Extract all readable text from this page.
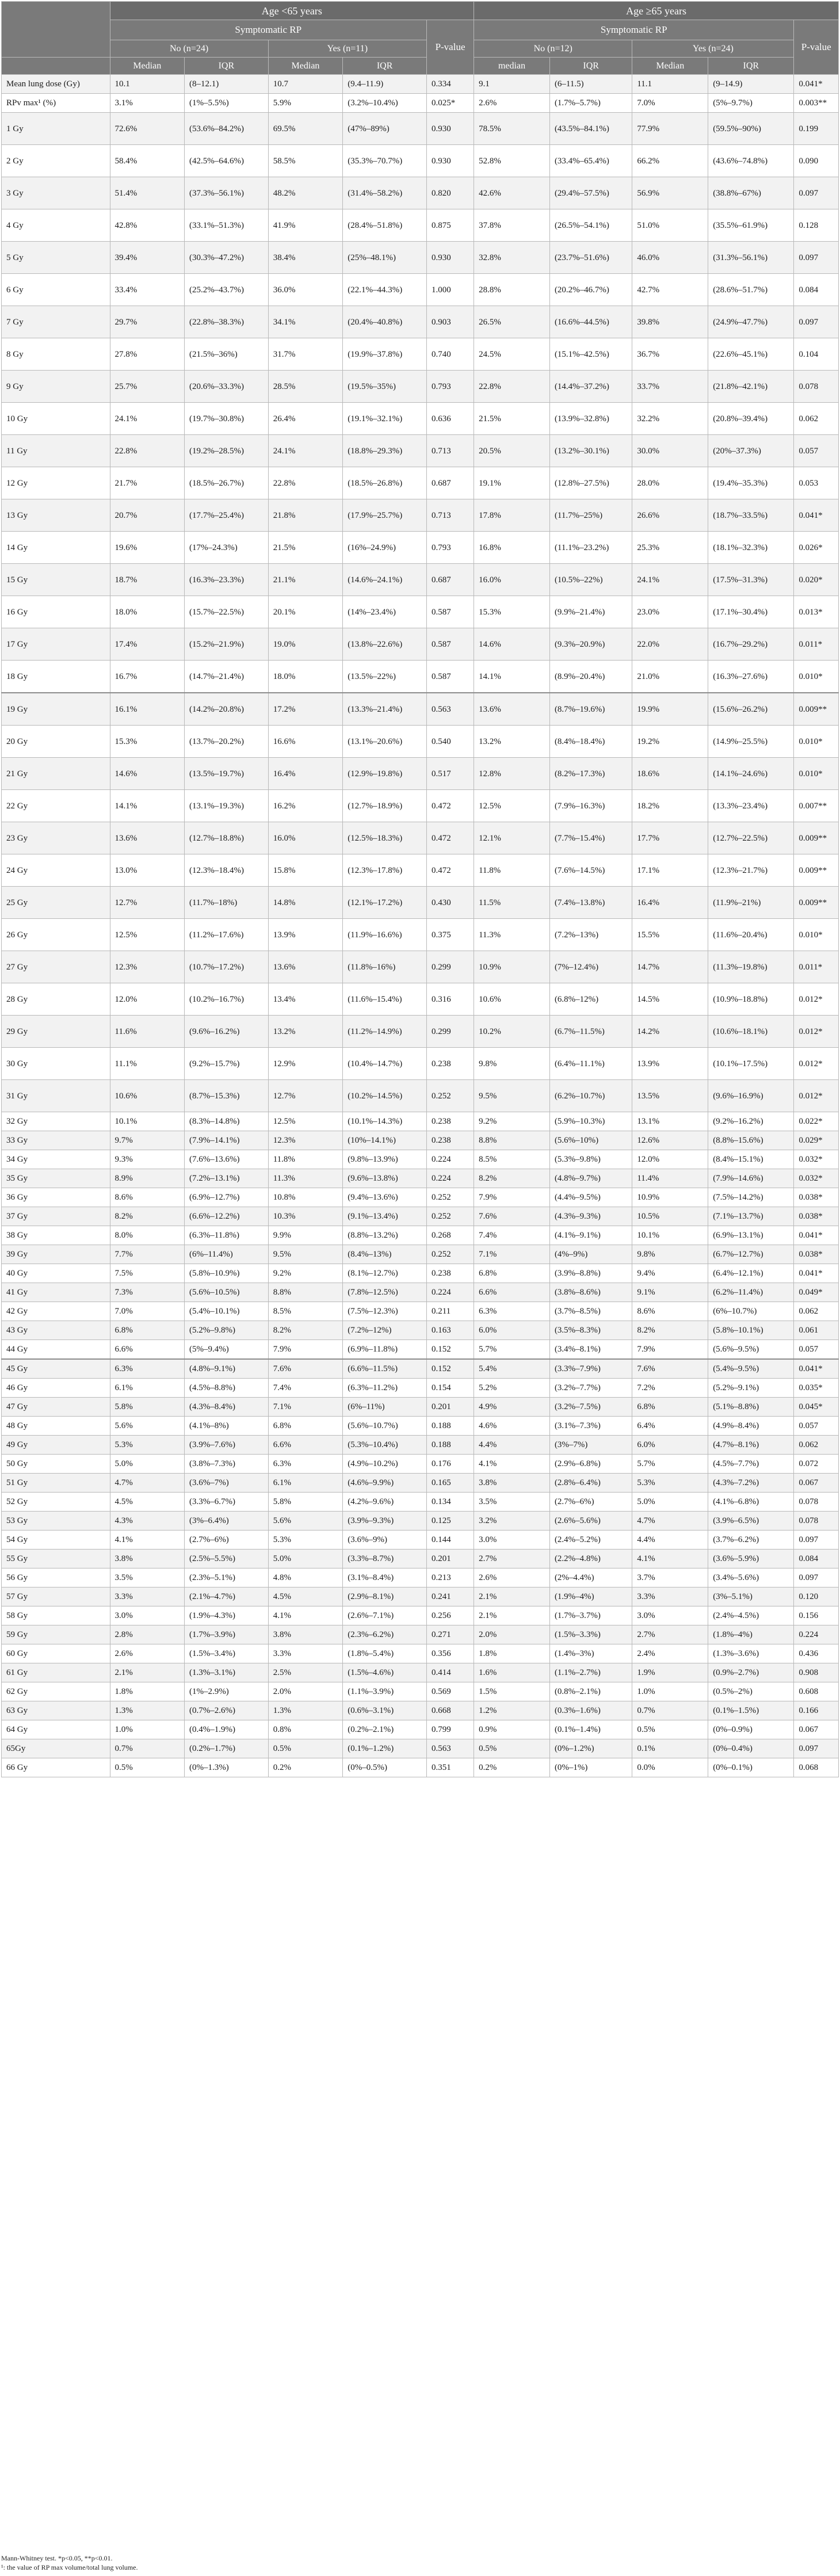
	Age <65 years					Age ≥65 years				
	Symptomatic RP				P-value	Symptomatic RP				P-value
	No (n=24)		Yes (n=11)			No (n=12)		Yes (n=24)		
	Median	IQR	Median	IQR		median	IQR	Median	IQR	
Mean lung dose (Gy)	10.1	(8–12.1)	10.7	(9.4–11.9)	0.334	9.1	(6–11.5)	11.1	(9–14.9)	0.041*
RPv max¹ (%)	3.1%	(1%–5.5%)	5.9%	(3.2%–10.4%)	0.025*	2.6%	(1.7%–5.7%)	7.0%	(5%–9.7%)	0.003**
1 Gy	72.6%	(53.6%–84.2%)	69.5%	(47%–89%)	0.930	78.5%	(43.5%–84.1%)	77.9%	(59.5%–90%)	0.199
2 Gy	58.4%	(42.5%–64.6%)	58.5%	(35.3%–70.7%)	0.930	52.8%	(33.4%–65.4%)	66.2%	(43.6%–74.8%)	0.090
3 Gy	51.4%	(37.3%–56.1%)	48.2%	(31.4%–58.2%)	0.820	42.6%	(29.4%–57.5%)	56.9%	(38.8%–67%)	0.097
4 Gy	42.8%	(33.1%–51.3%)	41.9%	(28.4%–51.8%)	0.875	37.8%	(26.5%–54.1%)	51.0%	(35.5%–61.9%)	0.128
5 Gy	39.4%	(30.3%–47.2%)	38.4%	(25%–48.1%)	0.930	32.8%	(23.7%–51.6%)	46.0%	(31.3%–56.1%)	0.097
6 Gy	33.4%	(25.2%–43.7%)	36.0%	(22.1%–44.3%)	1.000	28.8%	(20.2%–46.7%)	42.7%	(28.6%–51.7%)	0.084
7 Gy	29.7%	(22.8%–38.3%)	34.1%	(20.4%–40.8%)	0.903	26.5%	(16.6%–44.5%)	39.8%	(24.9%–47.7%)	0.097
8 Gy	27.8%	(21.5%–36%)	31.7%	(19.9%–37.8%)	0.740	24.5%	(15.1%–42.5%)	36.7%	(22.6%–45.1%)	0.104
9 Gy	25.7%	(20.6%–33.3%)	28.5%	(19.5%–35%)	0.793	22.8%	(14.4%–37.2%)	33.7%	(21.8%–42.1%)	0.078
10 Gy	24.1%	(19.7%–30.8%)	26.4%	(19.1%–32.1%)	0.636	21.5%	(13.9%–32.8%)	32.2%	(20.8%–39.4%)	0.062
11 Gy	22.8%	(19.2%–28.5%)	24.1%	(18.8%–29.3%)	0.713	20.5%	(13.2%–30.1%)	30.0%	(20%–37.3%)	0.057
12 Gy	21.7%	(18.5%–26.7%)	22.8%	(18.5%–26.8%)	0.687	19.1%	(12.8%–27.5%)	28.0%	(19.4%–35.3%)	0.053
13 Gy	20.7%	(17.7%–25.4%)	21.8%	(17.9%–25.7%)	0.713	17.8%	(11.7%–25%)	26.6%	(18.7%–33.5%)	0.041*
14 Gy	19.6%	(17%–24.3%)	21.5%	(16%–24.9%)	0.793	16.8%	(11.1%–23.2%)	25.3%	(18.1%–32.3%)	0.026*
15 Gy	18.7%	(16.3%–23.3%)	21.1%	(14.6%–24.1%)	0.687	16.0%	(10.5%–22%)	24.1%	(17.5%–31.3%)	0.020*
16 Gy	18.0%	(15.7%–22.5%)	20.1%	(14%–23.4%)	0.587	15.3%	(9.9%–21.4%)	23.0%	(17.1%–30.4%)	0.013*
17 Gy	17.4%	(15.2%–21.9%)	19.0%	(13.8%–22.6%)	0.587	14.6%	(9.3%–20.9%)	22.0%	(16.7%–29.2%)	0.011*
18 Gy	16.7%	(14.7%–21.4%)	18.0%	(13.5%–22%)	0.587	14.1%	(8.9%–20.4%)	21.0%	(16.3%–27.6%)	0.010*
19 Gy	16.1%	(14.2%–20.8%)	17.2%	(13.3%–21.4%)	0.563	13.6%	(8.7%–19.6%)	19.9%	(15.6%–26.2%)	0.009**
20 Gy	15.3%	(13.7%–20.2%)	16.6%	(13.1%–20.6%)	0.540	13.2%	(8.4%–18.4%)	19.2%	(14.9%–25.5%)	0.010*
21 Gy	14.6%	(13.5%–19.7%)	16.4%	(12.9%–19.8%)	0.517	12.8%	(8.2%–17.3%)	18.6%	(14.1%–24.6%)	0.010*
22 Gy	14.1%	(13.1%–19.3%)	16.2%	(12.7%–18.9%)	0.472	12.5%	(7.9%–16.3%)	18.2%	(13.3%–23.4%)	0.007**
23 Gy	13.6%	(12.7%–18.8%)	16.0%	(12.5%–18.3%)	0.472	12.1%	(7.7%–15.4%)	17.7%	(12.7%–22.5%)	0.009**
24 Gy	13.0%	(12.3%–18.4%)	15.8%	(12.3%–17.8%)	0.472	11.8%	(7.6%–14.5%)	17.1%	(12.3%–21.7%)	0.009**
25 Gy	12.7%	(11.7%–18%)	14.8%	(12.1%–17.2%)	0.430	11.5%	(7.4%–13.8%)	16.4%	(11.9%–21%)	0.009**
26 Gy	12.5%	(11.2%–17.6%)	13.9%	(11.9%–16.6%)	0.375	11.3%	(7.2%–13%)	15.5%	(11.6%–20.4%)	0.010*
27 Gy	12.3%	(10.7%–17.2%)	13.6%	(11.8%–16%)	0.299	10.9%	(7%–12.4%)	14.7%	(11.3%–19.8%)	0.011*
28 Gy	12.0%	(10.2%–16.7%)	13.4%	(11.6%–15.4%)	0.316	10.6%	(6.8%–12%)	14.5%	(10.9%–18.8%)	0.012*
29 Gy	11.6%	(9.6%–16.2%)	13.2%	(11.2%–14.9%)	0.299	10.2%	(6.7%–11.5%)	14.2%	(10.6%–18.1%)	0.012*
30 Gy	11.1%	(9.2%–15.7%)	12.9%	(10.4%–14.7%)	0.238	9.8%	(6.4%–11.1%)	13.9%	(10.1%–17.5%)	0.012*
31 Gy	10.6%	(8.7%–15.3%)	12.7%	(10.2%–14.5%)	0.252	9.5%	(6.2%–10.7%)	13.5%	(9.6%–16.9%)	0.012*
32 Gy	10.1%	(8.3%–14.8%)	12.5%	(10.1%–14.3%)	0.238	9.2%	(5.9%–10.3%)	13.1%	(9.2%–16.2%)	0.022*
33 Gy	9.7%	(7.9%–14.1%)	12.3%	(10%–14.1%)	0.238	8.8%	(5.6%–10%)	12.6%	(8.8%–15.6%)	0.029*
34 Gy	9.3%	(7.6%–13.6%)	11.8%	(9.8%–13.9%)	0.224	8.5%	(5.3%–9.8%)	12.0%	(8.4%–15.1%)	0.032*
35 Gy	8.9%	(7.2%–13.1%)	11.3%	(9.6%–13.8%)	0.224	8.2%	(4.8%–9.7%)	11.4%	(7.9%–14.6%)	0.032*
36 Gy	8.6%	(6.9%–12.7%)	10.8%	(9.4%–13.6%)	0.252	7.9%	(4.4%–9.5%)	10.9%	(7.5%–14.2%)	0.038*
37 Gy	8.2%	(6.6%–12.2%)	10.3%	(9.1%–13.4%)	0.252	7.6%	(4.3%–9.3%)	10.5%	(7.1%–13.7%)	0.038*
38 Gy	8.0%	(6.3%–11.8%)	9.9%	(8.8%–13.2%)	0.268	7.4%	(4.1%–9.1%)	10.1%	(6.9%–13.1%)	0.041*
39 Gy	7.7%	(6%–11.4%)	9.5%	(8.4%–13%)	0.252	7.1%	(4%–9%)	9.8%	(6.7%–12.7%)	0.038*
40 Gy	7.5%	(5.8%–10.9%)	9.2%	(8.1%–12.7%)	0.238	6.8%	(3.9%–8.8%)	9.4%	(6.4%–12.1%)	0.041*
41 Gy	7.3%	(5.6%–10.5%)	8.8%	(7.8%–12.5%)	0.224	6.6%	(3.8%–8.6%)	9.1%	(6.2%–11.4%)	0.049*
42 Gy	7.0%	(5.4%–10.1%)	8.5%	(7.5%–12.3%)	0.211	6.3%	(3.7%–8.5%)	8.6%	(6%–10.7%)	0.062
43 Gy	6.8%	(5.2%–9.8%)	8.2%	(7.2%–12%)	0.163	6.0%	(3.5%–8.3%)	8.2%	(5.8%–10.1%)	0.061
44 Gy	6.6%	(5%–9.4%)	7.9%	(6.9%–11.8%)	0.152	5.7%	(3.4%–8.1%)	7.9%	(5.6%–9.5%)	0.057
45 Gy	6.3%	(4.8%–9.1%)	7.6%	(6.6%–11.5%)	0.152	5.4%	(3.3%–7.9%)	7.6%	(5.4%–9.5%)	0.041*
46 Gy	6.1%	(4.5%–8.8%)	7.4%	(6.3%–11.2%)	0.154	5.2%	(3.2%–7.7%)	7.2%	(5.2%–9.1%)	0.035*
47 Gy	5.8%	(4.3%–8.4%)	7.1%	(6%–11%)	0.201	4.9%	(3.2%–7.5%)	6.8%	(5.1%–8.8%)	0.045*
48 Gy	5.6%	(4.1%–8%)	6.8%	(5.6%–10.7%)	0.188	4.6%	(3.1%–7.3%)	6.4%	(4.9%–8.4%)	0.057
49 Gy	5.3%	(3.9%–7.6%)	6.6%	(5.3%–10.4%)	0.188	4.4%	(3%–7%)	6.0%	(4.7%–8.1%)	0.062
50 Gy	5.0%	(3.8%–7.3%)	6.3%	(4.9%–10.2%)	0.176	4.1%	(2.9%–6.8%)	5.7%	(4.5%–7.7%)	0.072
51 Gy	4.7%	(3.6%–7%)	6.1%	(4.6%–9.9%)	0.165	3.8%	(2.8%–6.4%)	5.3%	(4.3%–7.2%)	0.067
52 Gy	4.5%	(3.3%–6.7%)	5.8%	(4.2%–9.6%)	0.134	3.5%	(2.7%–6%)	5.0%	(4.1%–6.8%)	0.078
53 Gy	4.3%	(3%–6.4%)	5.6%	(3.9%–9.3%)	0.125	3.2%	(2.6%–5.6%)	4.7%	(3.9%–6.5%)	0.078
54 Gy	4.1%	(2.7%–6%)	5.3%	(3.6%–9%)	0.144	3.0%	(2.4%–5.2%)	4.4%	(3.7%–6.2%)	0.097
55 Gy	3.8%	(2.5%–5.5%)	5.0%	(3.3%–8.7%)	0.201	2.7%	(2.2%–4.8%)	4.1%	(3.6%–5.9%)	0.084
56 Gy	3.5%	(2.3%–5.1%)	4.8%	(3.1%–8.4%)	0.213	2.6%	(2%–4.4%)	3.7%	(3.4%–5.6%)	0.097
57 Gy	3.3%	(2.1%–4.7%)	4.5%	(2.9%–8.1%)	0.241	2.1%	(1.9%–4%)	3.3%	(3%–5.1%)	0.120
58 Gy	3.0%	(1.9%–4.3%)	4.1%	(2.6%–7.1%)	0.256	2.1%	(1.7%–3.7%)	3.0%	(2.4%–4.5%)	0.156
59 Gy	2.8%	(1.7%–3.9%)	3.8%	(2.3%–6.2%)	0.271	2.0%	(1.5%–3.3%)	2.7%	(1.8%–4%)	0.224
60 Gy	2.6%	(1.5%–3.4%)	3.3%	(1.8%–5.4%)	0.356	1.8%	(1.4%–3%)	2.4%	(1.3%–3.6%)	0.436
61 Gy	2.1%	(1.3%–3.1%)	2.5%	(1.5%–4.6%)	0.414	1.6%	(1.1%–2.7%)	1.9%	(0.9%–2.7%)	0.908
62 Gy	1.8%	(1%–2.9%)	2.0%	(1.1%–3.9%)	0.569	1.5%	(0.8%–2.1%)	1.0%	(0.5%–2%)	0.608
63 Gy	1.3%	(0.7%–2.6%)	1.3%	(0.6%–3.1%)	0.668	1.2%	(0.3%–1.6%)	0.7%	(0.1%–1.5%)	0.166
64 Gy	1.0%	(0.4%–1.9%)	0.8%	(0.2%–2.1%)	0.799	0.9%	(0.1%–1.4%)	0.5%	(0%–0.9%)	0.067
65Gy	0.7%	(0.2%–1.7%)	0.5%	(0.1%–1.2%)	0.563	0.5%	(0%–1.2%)	0.1%	(0%–0.4%)	0.097
66 Gy	0.5%	(0%–1.3%)	0.2%	(0%–0.5%)	0.351	0.2%	(0%–1%)	0.0%	(0%–0.1%)	0.068
Mann-Whitney test. *p<0.05, **p<0.01.
¹: the value of RP max volume/total lung volume.
